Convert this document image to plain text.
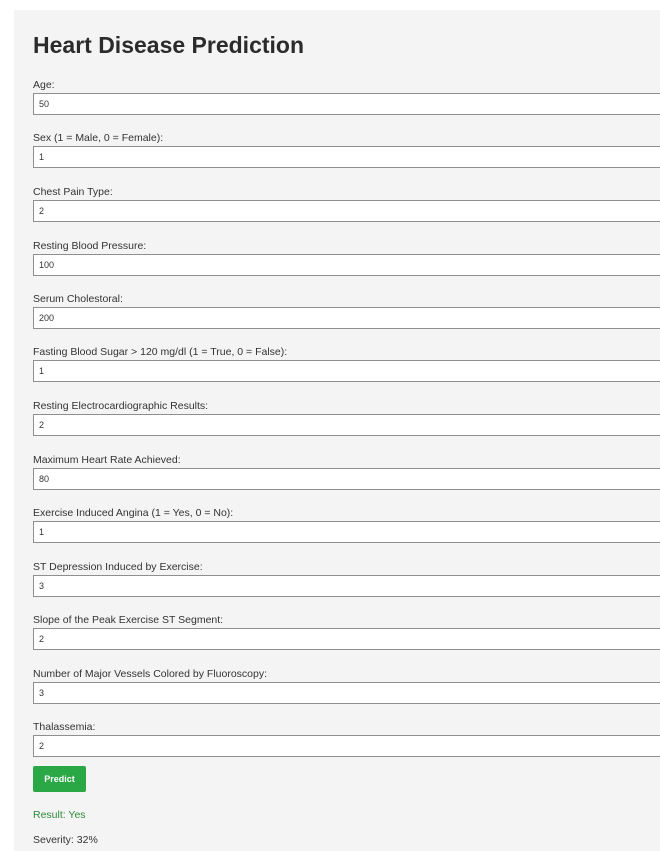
Heart Disease Prediction
Age:
50
Sex (1 = Male, 0 = Female):
1
Chest Pain Type:
2
Resting Blood Pressure:
100
Serum Cholestoral:
200
Fasting Blood Sugar > 120 mg/dl (1 = True, 0 = False):
1
Resting Electrocardiographic Results:
2
Maximum Heart Rate Achieved:
80
Exercise Induced Angina (1 = Yes, 0 = No):
1
ST Depression Induced by Exercise:
3
Slope of the Peak Exercise ST Segment:
2
Number of Major Vessels Colored by Fluoroscopy:
3
Thalassemia:
2
Predict
Result: Yes
Severity: 32%
